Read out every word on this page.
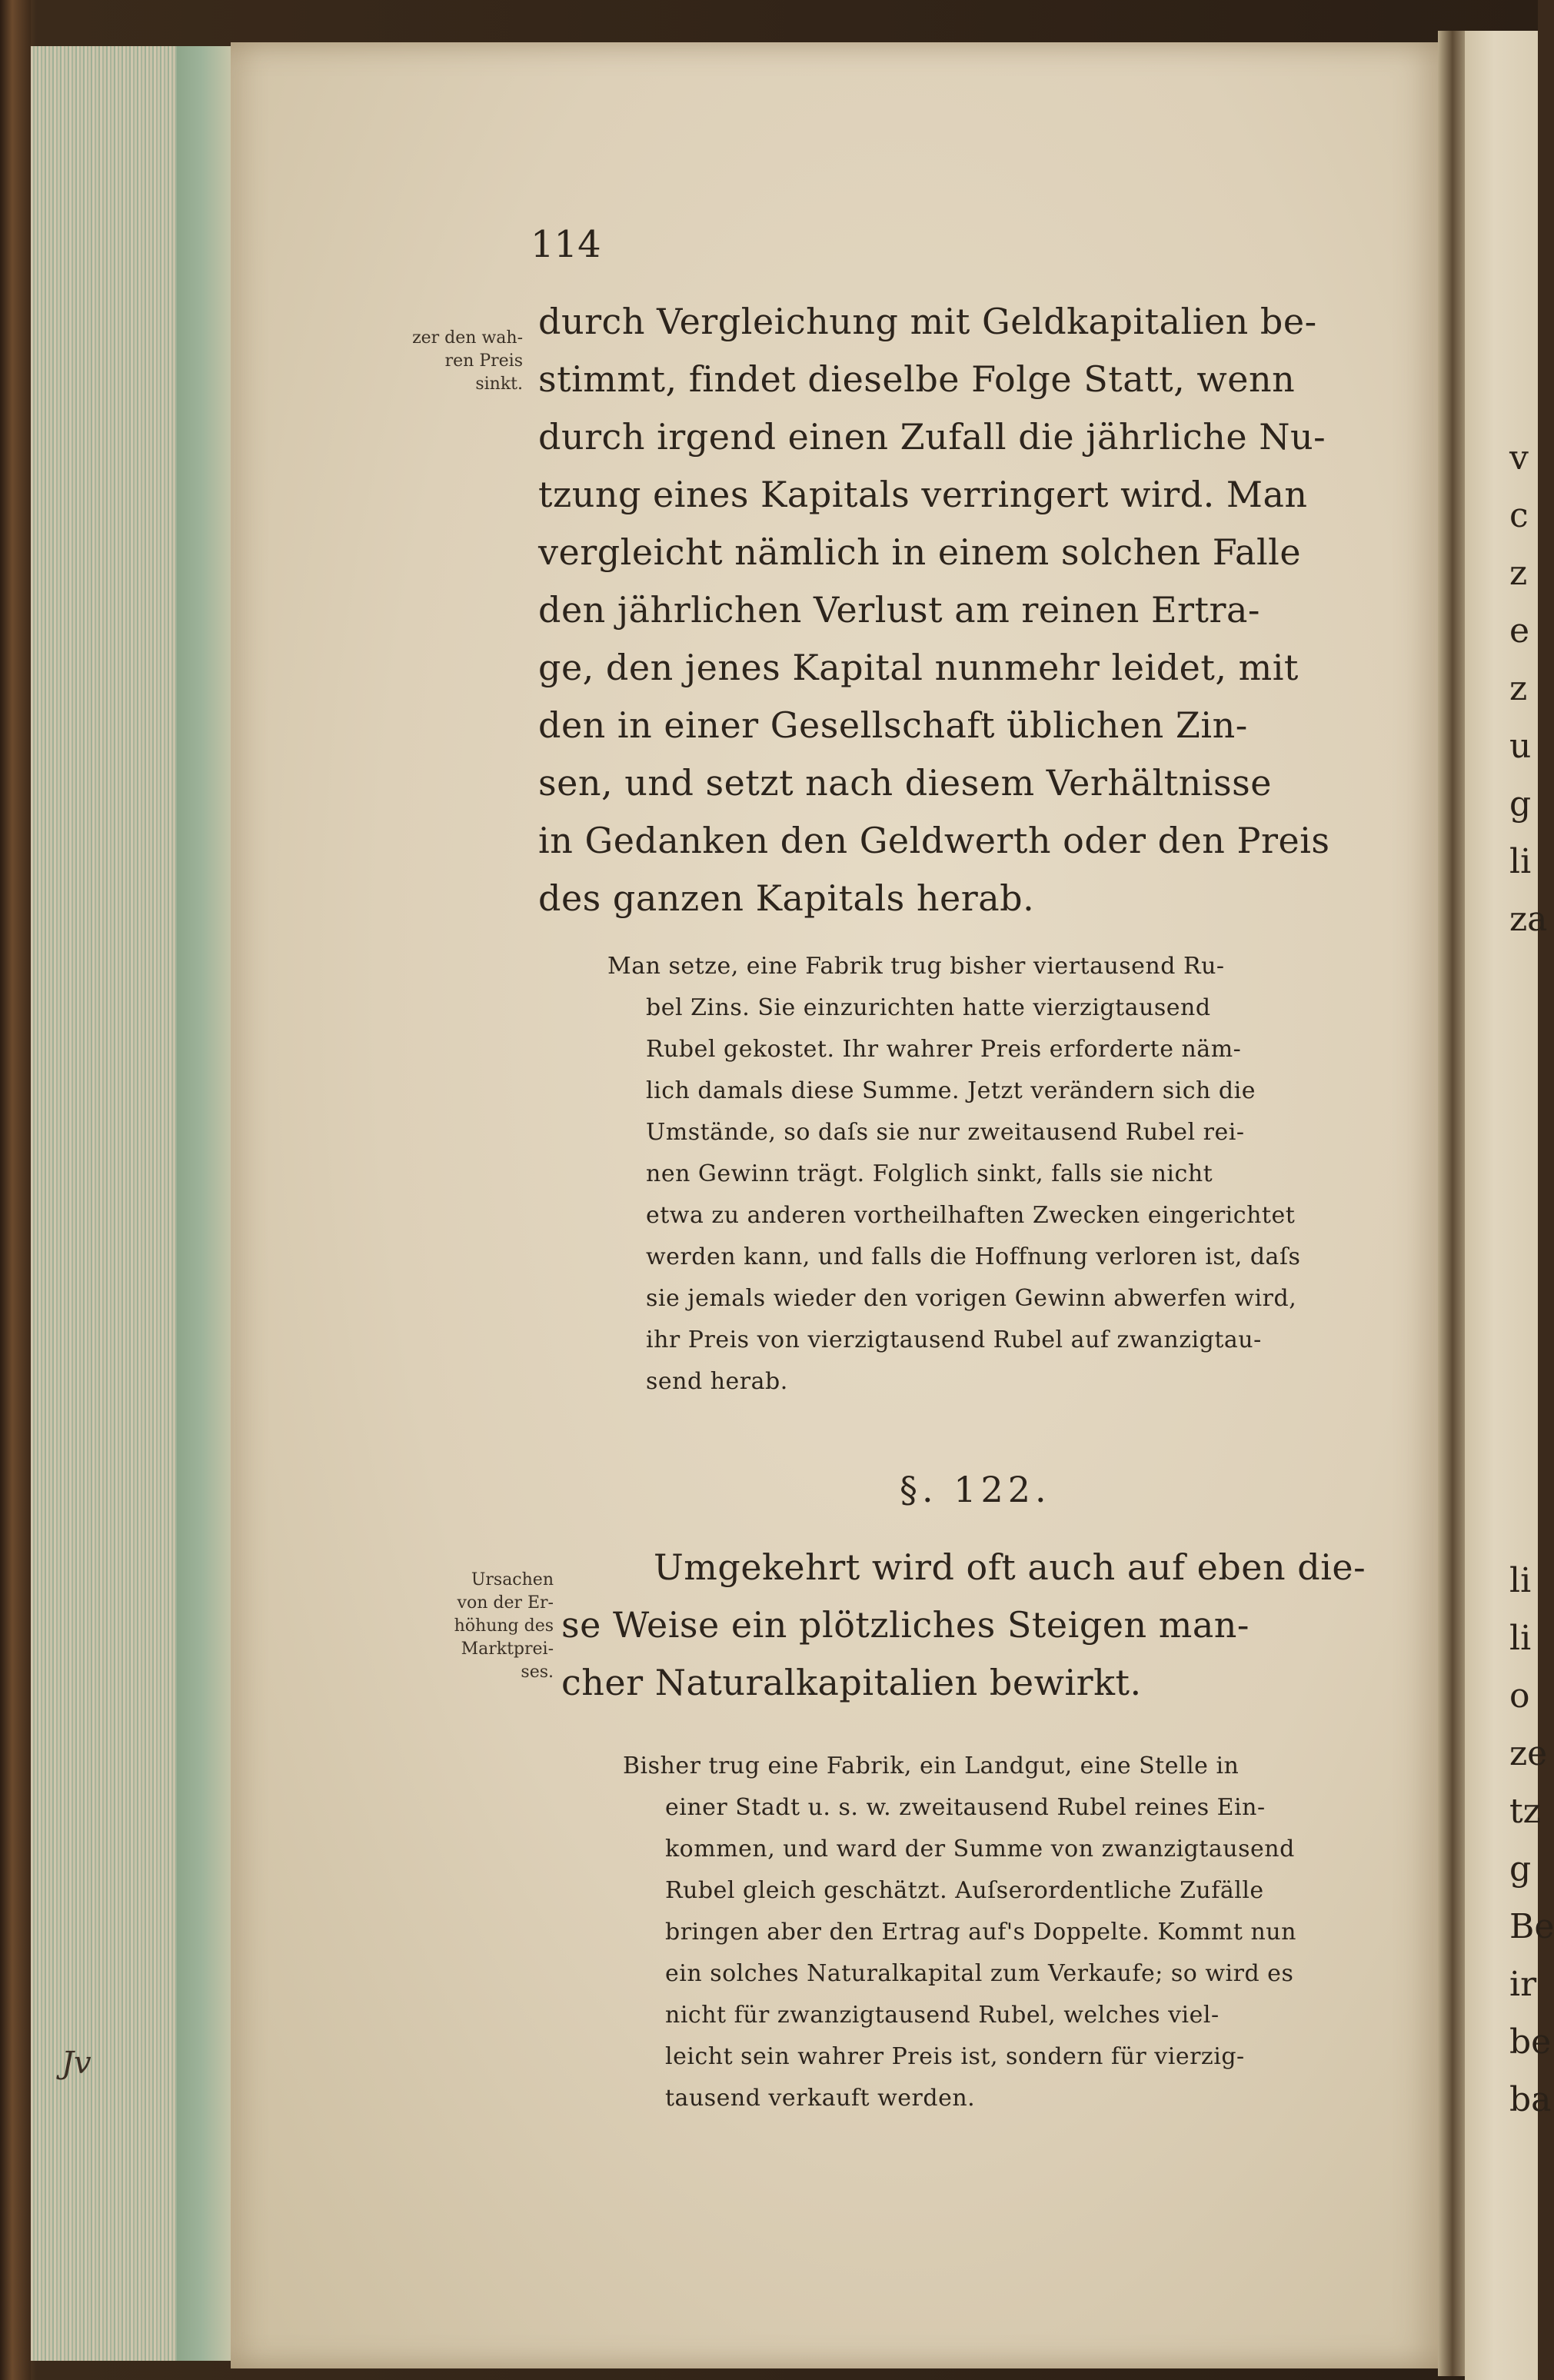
Jv
114
zer den wah-
ren Preis
sinkt.
durch Vergleichung mit Geldkapitalien be-
stimmt, findet dieselbe Folge Statt, wenn
durch irgend einen Zufall die jährliche Nu-
tzung eines Kapitals verringert wird. Man
vergleicht nämlich in einem solchen Falle
den jährlichen Verlust am reinen Ertra-
ge, den jenes Kapital nunmehr leidet, mit
den in einer Gesellschaft üblichen Zin-
sen, und setzt nach diesem Verhältnisse
in Gedanken den Geldwerth oder den Preis
des ganzen Kapitals herab.
Man setze, eine Fabrik trug bisher viertausend Ru-
bel Zins. Sie einzurichten hatte vierzigtausend
Rubel gekostet. Ihr wahrer Preis erforderte näm-
lich damals diese Summe. Jetzt verändern sich die
Umstände, so daſs sie nur zweitausend Rubel rei-
nen Gewinn trägt. Folglich sinkt, falls sie nicht
etwa zu anderen vortheilhaften Zwecken eingerichtet
werden kann, und falls die Hoffnung verloren ist, daſs
sie jemals wieder den vorigen Gewinn abwerfen wird,
ihr Preis von vierzigtausend Rubel auf zwanzigtau-
send herab.
§. 122.
Ursachen
von der Er-
höhung des
Marktprei-
ses.
Umgekehrt wird oft auch auf eben die-
se Weise ein plötzliches Steigen man-
cher Naturalkapitalien bewirkt.
Bisher trug eine Fabrik, ein Landgut, eine Stelle in
einer Stadt u. s. w. zweitausend Rubel reines Ein-
kommen, und ward der Summe von zwanzigtausend
Rubel gleich geschätzt. Auſserordentliche Zufälle
bringen aber den Ertrag auf's Doppelte. Kommt nun
ein solches Naturalkapital zum Verkaufe; so wird es
nicht für zwanzigtausend Rubel, welches viel-
leicht sein wahrer Preis ist, sondern für vierzig-
tausend verkauft werden.
v
c
z
e
z
u
g
li
za
li
li
o
ze
tz
g
Be
ir
be
ba
